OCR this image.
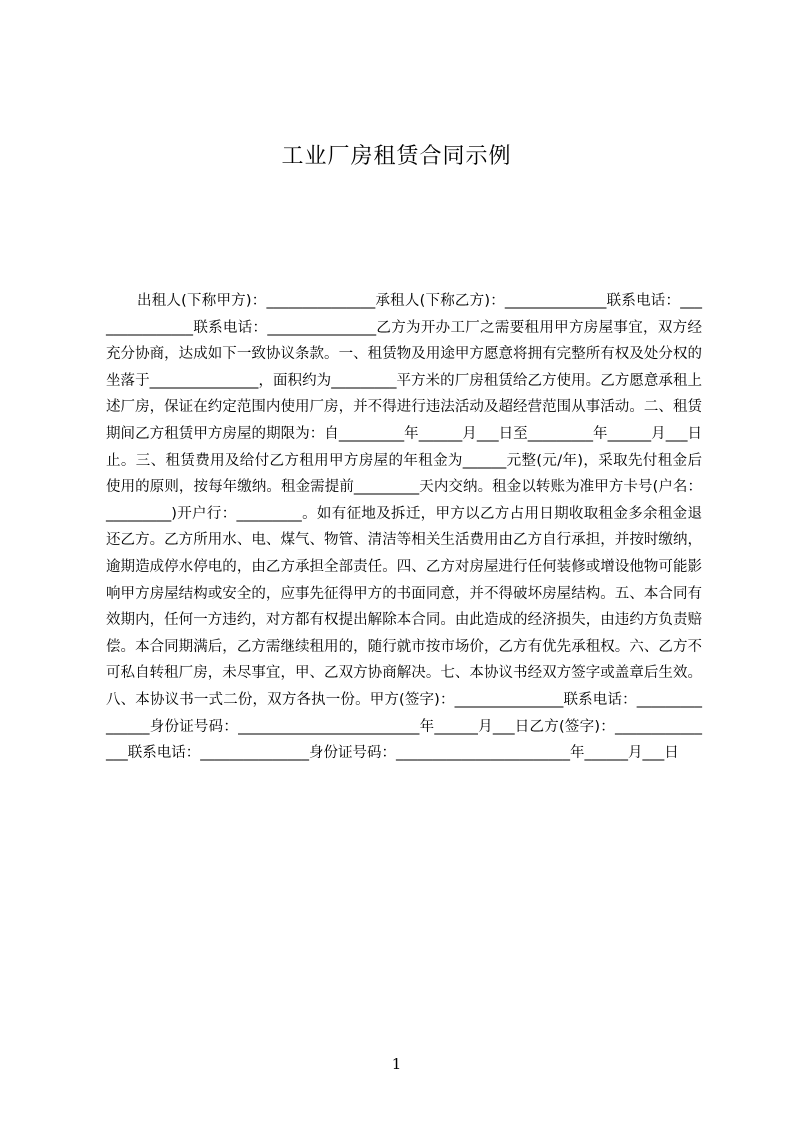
工业厂房租赁合同示例
出租人(下称甲方)：_______________承租人(下称乙方)：______________联系电话：_______________联系电话：_______________乙方为开办工厂之需要租用甲方房屋事宜，双方经充分协商，达成如下一致协议条款。一、租赁物及用途甲方愿意将拥有完整所有权及处分权的坐落于_______________，面积约为_________平方米的厂房租赁给乙方使用。乙方愿意承租上述厂房，保证在约定范围内使用厂房，并不得进行违法活动及超经营范围从事活动。二、租赁期间乙方租赁甲方房屋的期限为：自_________年______月___日至_________年______月___日止。三、租赁费用及给付乙方租用甲方房屋的年租金为______元整(元/年)，采取先付租金后使用的原则，按每年缴纳。租金需提前_________天内交纳。租金以转账为准甲方卡号(户名：_________)开户行：_________。如有征地及拆迁，甲方以乙方占用日期收取租金多余租金退还乙方。乙方所用水、电、煤气、物管、清洁等相关生活费用由乙方自行承担，并按时缴纳，逾期造成停水停电的，由乙方承担全部责任。四、乙方对房屋进行任何装修或增设他物可能影响甲方房屋结构或安全的，应事先征得甲方的书面同意，并不得破坏房屋结构。五、本合同有效期内，任何一方违约，对方都有权提出解除本合同。由此造成的经济损失，由违约方负责赔偿。本合同期满后，乙方需继续租用的，随行就市按市场价，乙方有优先承租权。六、乙方不可私自转租厂房，未尽事宜，甲、乙双方协商解决。七、本协议书经双方签字或盖章后生效。八、本协议书一式二份，双方各执一份。甲方(签字)：_______________联系电话：_______________身份证号码：_________________________年______月___日乙方(签字)：_______________联系电话：_______________身份证号码：________________________年______月___日
1
